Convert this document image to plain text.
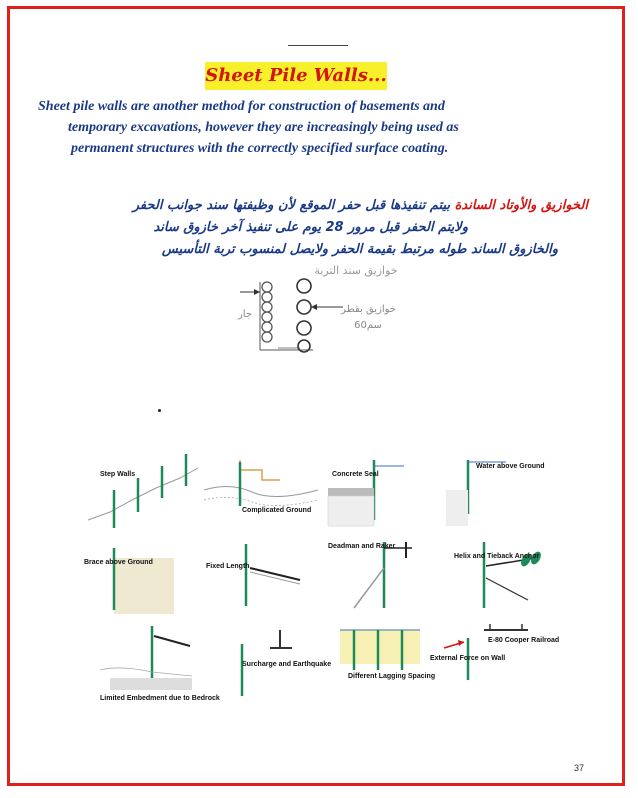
Sheet Pile Walls...
Sheet pile walls are another method for construction of basements and
temporary excavations, however they are increasingly being used as
permanent structures with the correctly specified surface coating.
الخوازيق والأوتاد الساندة بيتم تنفيذها قبل حفر الموقع لأن وظيفتها سند جوانب الحفر
ولايتم الحفر قبل مرور 28 يوم على تنفيذ آخر خازوق ساند
والخازوق الساند طوله مرتبط بقيمة الحفر ولايصل لمنسوب تربة التأسيس
خوازيق سند التربة
جار	خوازيق بقطر
60سم
Step Walls
Complicated Ground
Concrete Seal
Water above Ground
Brace above Ground
Fixed Length
Deadman and Raker
Helix and Tieback Anchor
Limited Embedment due to Bedrock
Surcharge and Earthquake
Different Lagging Spacing
External Force on Wall
E-80 Cooper Railroad
37
